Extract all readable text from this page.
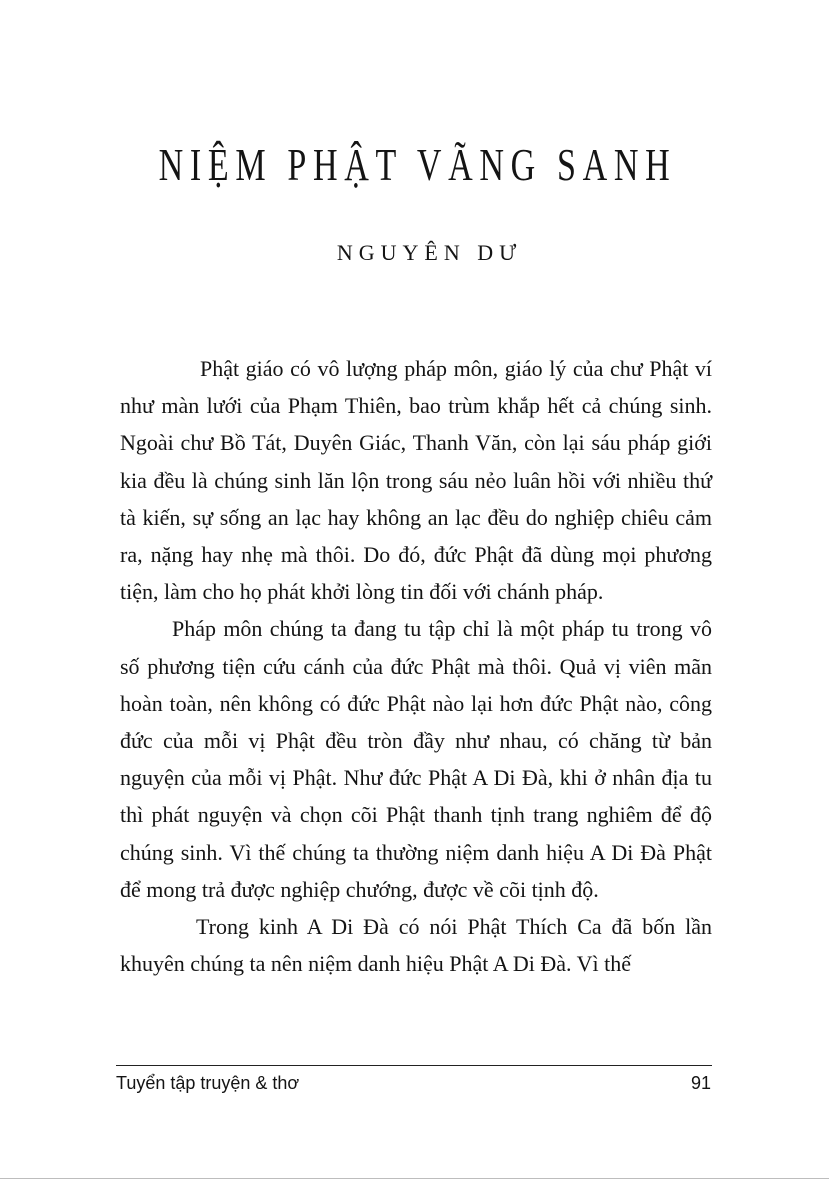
NIỆM PHẬT VÃNG SANH
NGUYÊN DƯ

Phật giáo có vô lượng pháp môn, giáo lý của chư Phật ví như màn lưới của Phạm Thiên, bao trùm khắp hết cả chúng sinh. Ngoài chư Bồ Tát, Duyên Giác, Thanh Văn, còn lại sáu pháp giới kia đều là chúng sinh lăn lộn trong sáu nẻo luân hồi với nhiều thứ tà kiến, sự sống an lạc hay không an lạc đều do nghiệp chiêu cảm ra, nặng hay nhẹ mà thôi. Do đó, đức Phật đã dùng mọi phương tiện, làm cho họ phát khởi lòng tin đối với chánh pháp.

Pháp môn chúng ta đang tu tập chỉ là một pháp tu trong vô số phương tiện cứu cánh của đức Phật mà thôi. Quả vị viên mãn hoàn toàn, nên không có đức Phật nào lại hơn đức Phật nào, công đức của mỗi vị Phật đều tròn đầy như nhau, có chăng từ bản nguyện của mỗi vị Phật. Như đức Phật A Di Đà, khi ở nhân địa tu thì phát nguyện và chọn cõi Phật thanh tịnh trang nghiêm để độ chúng sinh. Vì thế chúng ta thường niệm danh hiệu A Di Đà Phật để mong trả được nghiệp chướng, được về cõi tịnh độ.

Trong kinh A Di Đà có nói Phật Thích Ca đã bốn lần khuyên chúng ta nên niệm danh hiệu Phật A Di Đà. Vì thế

Tuyển tập truyện & thơ	91
